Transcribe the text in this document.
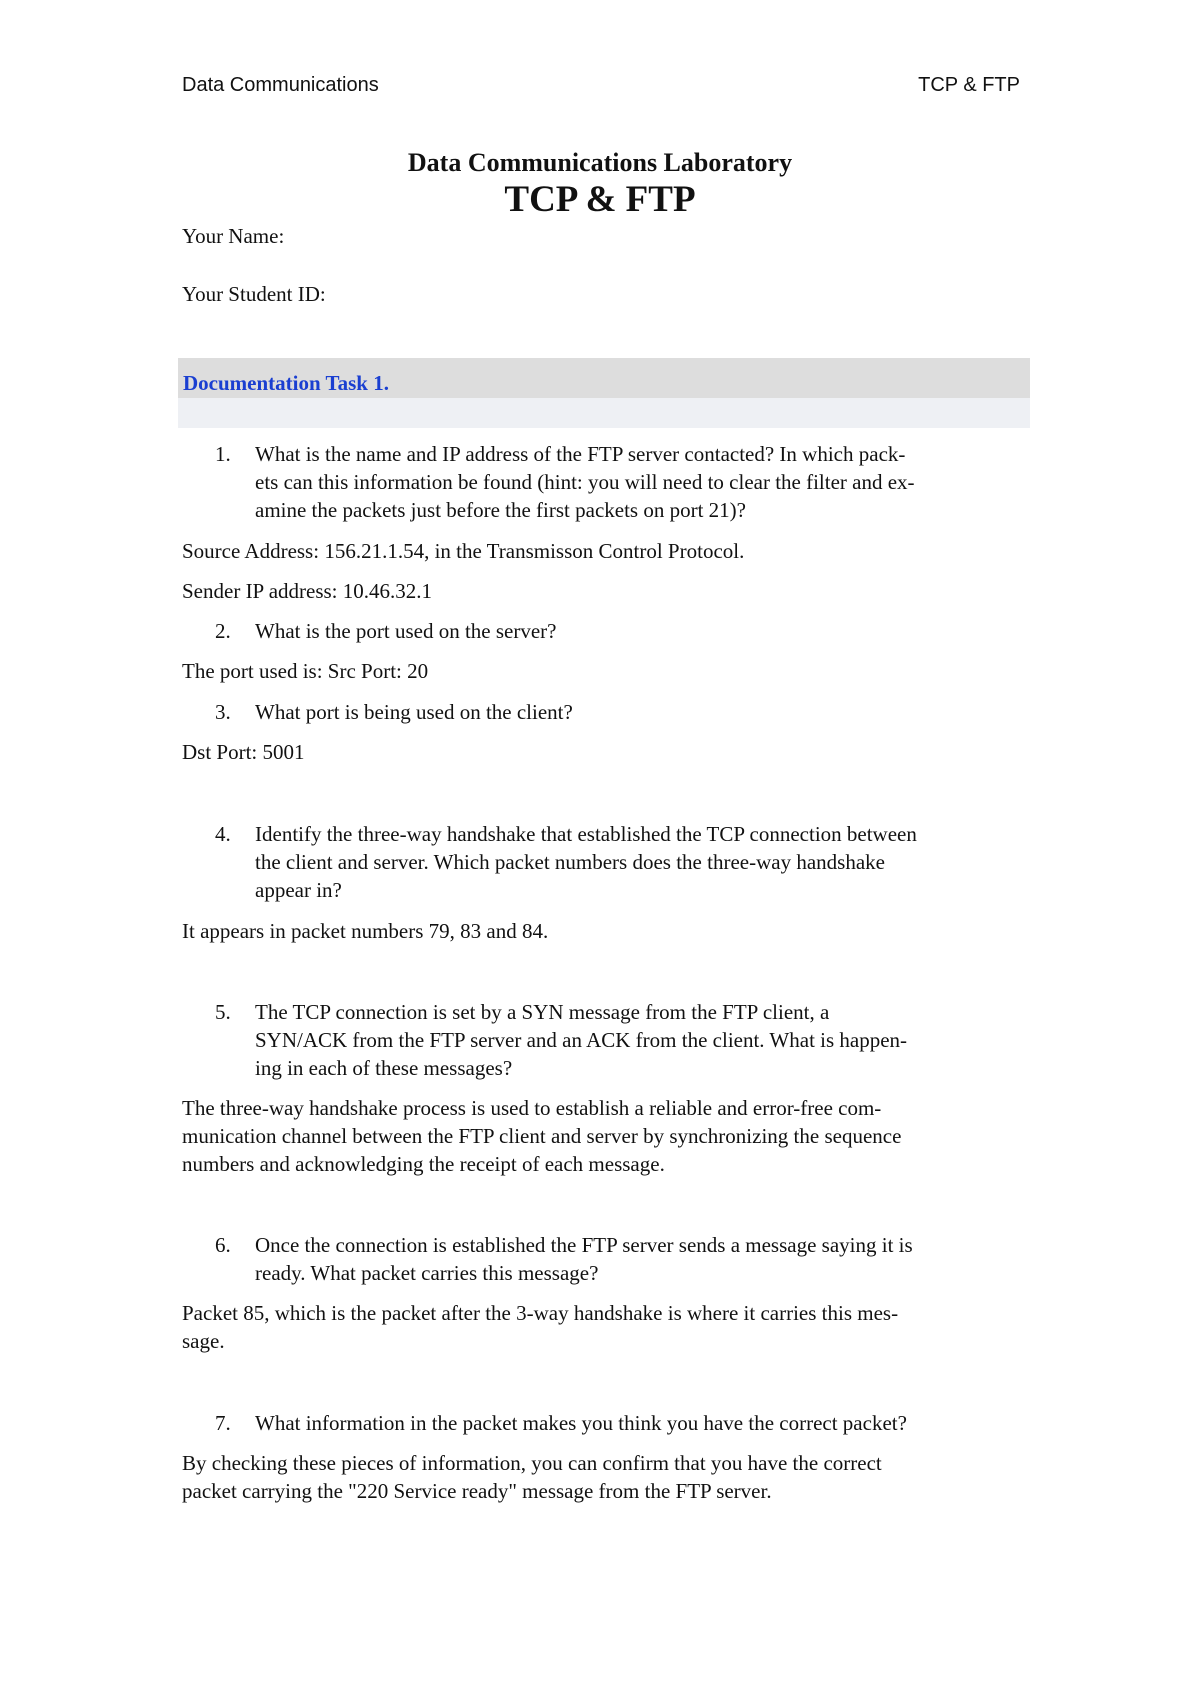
Data Communications	TCP & FTP
Data Communications Laboratory
TCP & FTP
Your Name:
Your Student ID:
Documentation Task 1.
1. What is the name and IP address of the FTP server contacted? In which pack-
ets can this information be found (hint: you will need to clear the filter and ex-
amine the packets just before the first packets on port 21)?
Source Address: 156.21.1.54, in the Transmisson Control Protocol.
Sender IP address: 10.46.32.1
2. What is the port used on the server?
The port used is: Src Port: 20
3. What port is being used on the client?
Dst Port: 5001
4. Identify the three-way handshake that established the TCP connection between
the client and server. Which packet numbers does the three-way handshake
appear in?
It appears in packet numbers 79, 83 and 84.
5. The TCP connection is set by a SYN message from the FTP client, a
SYN/ACK from the FTP server and an ACK from the client. What is happen-
ing in each of these messages?
The three-way handshake process is used to establish a reliable and error-free com-
munication channel between the FTP client and server by synchronizing the sequence
numbers and acknowledging the receipt of each message.
6. Once the connection is established the FTP server sends a message saying it is
ready. What packet carries this message?
Packet 85, which is the packet after the 3-way handshake is where it carries this mes-
sage.
7. What information in the packet makes you think you have the correct packet?
By checking these pieces of information, you can confirm that you have the correct
packet carrying the "220 Service ready" message from the FTP server.
